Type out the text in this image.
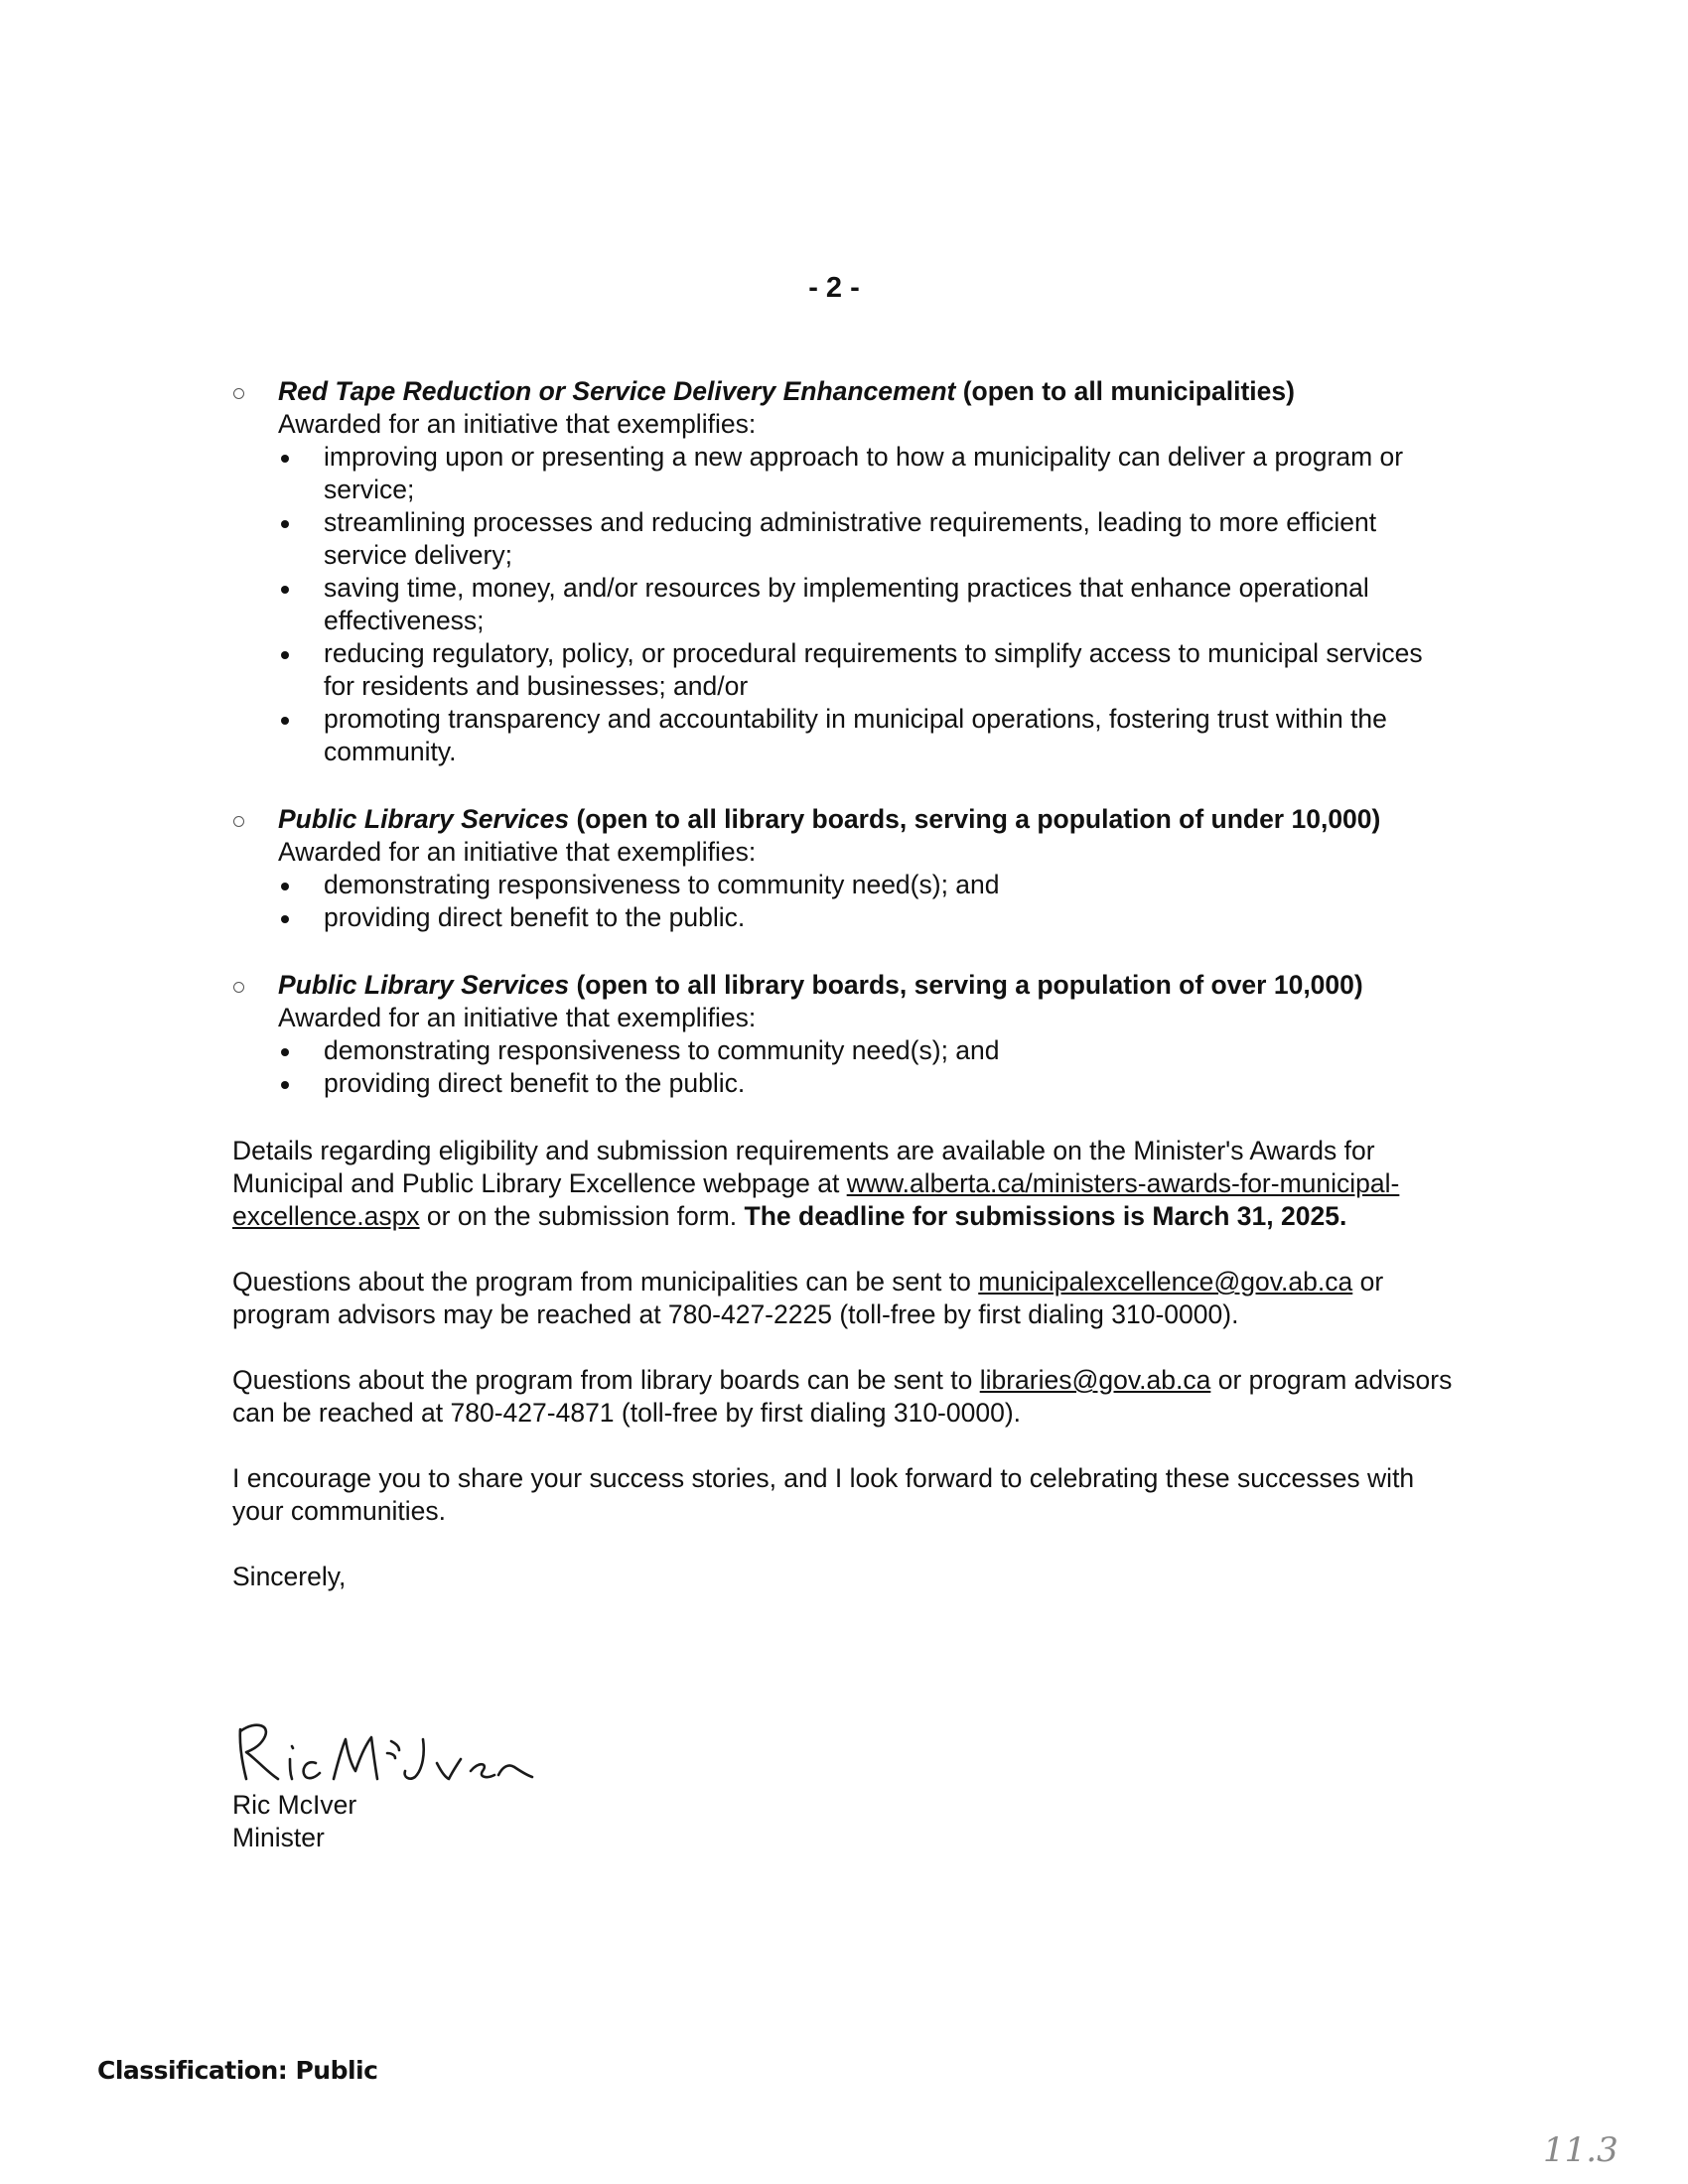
- 2 -
Red Tape Reduction or Service Delivery Enhancement (open to all municipalities)
Awarded for an initiative that exemplifies:
improving upon or presenting a new approach to how a municipality can deliver a program or service;
streamlining processes and reducing administrative requirements, leading to more efficient service delivery;
saving time, money, and/or resources by implementing practices that enhance operational effectiveness;
reducing regulatory, policy, or procedural requirements to simplify access to municipal services for residents and businesses; and/or
promoting transparency and accountability in municipal operations, fostering trust within the community.
Public Library Services (open to all library boards, serving a population of under 10,000)
Awarded for an initiative that exemplifies:
demonstrating responsiveness to community need(s); and
providing direct benefit to the public.
Public Library Services (open to all library boards, serving a population of over 10,000)
Awarded for an initiative that exemplifies:
demonstrating responsiveness to community need(s); and
providing direct benefit to the public.

Details regarding eligibility and submission requirements are available on the Minister's Awards for Municipal and Public Library Excellence webpage at www.alberta.ca/ministers-awards-for-municipal-excellence.aspx or on the submission form. The deadline for submissions is March 31, 2025.

Questions about the program from municipalities can be sent to municipalexcellence@gov.ab.ca or program advisors may be reached at 780-427-2225 (toll-free by first dialing 310-0000).

Questions about the program from library boards can be sent to libraries@gov.ab.ca or program advisors can be reached at 780-427-4871 (toll-free by first dialing 310-0000).

I encourage you to share your success stories, and I look forward to celebrating these successes with your communities.

Sincerely,

Ric McIver
Minister
Classification: Public
11.3
